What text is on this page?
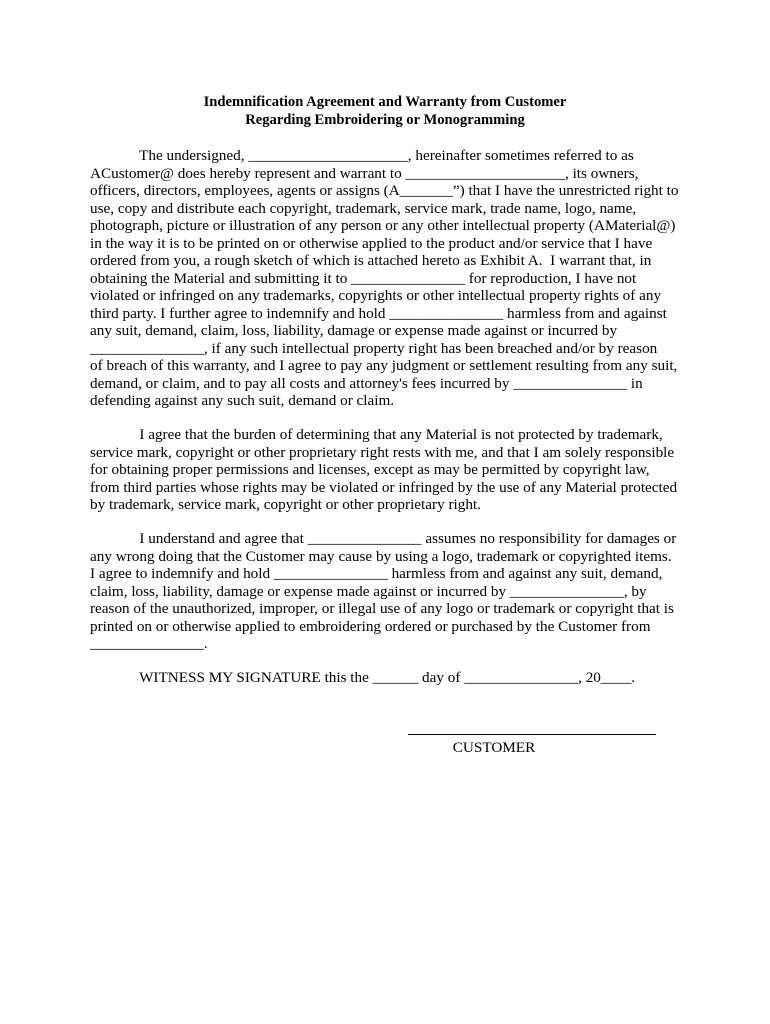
Indemnification Agreement and Warranty from Customer
Regarding Embroidering or Monogramming
The undersigned, _____________________, hereinafter sometimes referred to as
ACustomer@ does hereby represent and warrant to _____________________, its owners,
officers, directors, employees, agents or assigns (A_______”) that I have the unrestricted right to
use, copy and distribute each copyright, trademark, service mark, trade name, logo, name,
photograph, picture or illustration of any person or any other intellectual property (AMaterial@)
in the way it is to be printed on or otherwise applied to the product and/or service that I have
ordered from you, a rough sketch of which is attached hereto as Exhibit A.  I warrant that, in
obtaining the Material and submitting it to _______________ for reproduction, I have not
violated or infringed on any trademarks, copyrights or other intellectual property rights of any
third party. I further agree to indemnify and hold _______________ harmless from and against
any suit, demand, claim, loss, liability, damage or expense made against or incurred by
_______________, if any such intellectual property right has been breached and/or by reason
of breach of this warranty, and I agree to pay any judgment or settlement resulting from any suit,
demand, or claim, and to pay all costs and attorney's fees incurred by _______________ in
defending against any such suit, demand or claim.
I agree that the burden of determining that any Material is not protected by trademark,
service mark, copyright or other proprietary right rests with me, and that I am solely responsible
for obtaining proper permissions and licenses, except as may be permitted by copyright law,
from third parties whose rights may be violated or infringed by the use of any Material protected
by trademark, service mark, copyright or other proprietary right.
I understand and agree that _______________ assumes no responsibility for damages or
any wrong doing that the Customer may cause by using a logo, trademark or copyrighted items.
I agree to indemnify and hold _______________ harmless from and against any suit, demand,
claim, loss, liability, damage or expense made against or incurred by _______________, by
reason of the unauthorized, improper, or illegal use of any logo or trademark or copyright that is
printed on or otherwise applied to embroidering ordered or purchased by the Customer from
_______________.
WITNESS MY SIGNATURE this the ______ day of _______________, 20____.
CUSTOMER
